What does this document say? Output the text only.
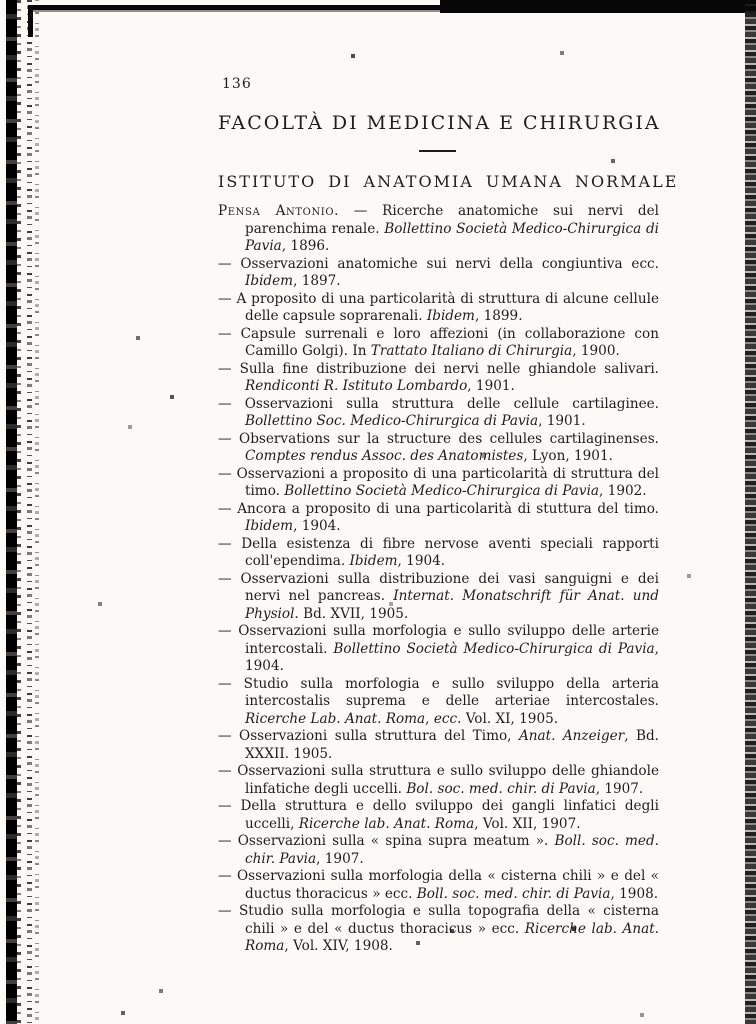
136
FACOLTÀ DI MEDICINA E CHIRURGIA
ISTITUTO DI ANATOMIA UMANA NORMALE
Pensa Antonio. — Ricerche anatomiche sui nervi del parenchima renale. Bollettino Società Medico-Chirurgica di Pavia, 1896.
— Osservazioni anatomiche sui nervi della congiuntiva ecc. Ibidem, 1897.
— A proposito di una particolarità di struttura di alcune cellule delle capsule soprarenali. Ibidem, 1899.
— Capsule surrenali e loro affezioni (in collaborazione con Camillo Golgi). In Trattato Italiano di Chirurgia, 1900.
— Sulla fine distribuzione dei nervi nelle ghiandole salivari. Rendiconti R. Istituto Lombardo, 1901.
— Osservazioni sulla struttura delle cellule cartilaginee. Bollettino Soc. Medico-Chirurgica di Pavia, 1901.
— Observations sur la structure des cellules cartilaginenses. Comptes rendus Assoc. des Anatomistes, Lyon, 1901.
— Osservazioni a proposito di una particolarità di struttura del timo. Bollettino Società Medico-Chirurgica di Pavia, 1902.
— Ancora a proposito di una particolarità di stuttura del timo. Ibidem, 1904.
— Della esistenza di fibre nervose aventi speciali rapporti coll'ependima. Ibidem, 1904.
— Osservazioni sulla distribuzione dei vasi sanguigni e dei nervi nel pancreas. Internat. Monatschrift für Anat. und Physiol. Bd. XVII, 1905.
— Osservazioni sulla morfologia e sullo sviluppo delle arterie intercostali. Bollettino Società Medico-Chirurgica di Pavia, 1904.
— Studio sulla morfologia e sullo sviluppo della arteria intercostalis suprema e delle arteriae intercostales. Ricerche Lab. Anat. Roma, ecc. Vol. XI, 1905.
— Osservazioni sulla struttura del Timo, Anat. Anzeiger, Bd. XXXII. 1905.
— Osservazioni sulla struttura e sullo sviluppo delle ghiandole linfatiche degli uccelli. Bol. soc. med. chir. di Pavia, 1907.
— Della struttura e dello sviluppo dei gangli linfatici degli uccelli, Ricerche lab. Anat. Roma, Vol. XII, 1907.
— Osservazioni sulla « spina supra meatum ». Boll. soc. med. chir. Pavia, 1907.
— Osservazioni sulla morfologia della « cisterna chili » e del « ductus thoracicus » ecc. Boll. soc. med. chir. di Pavia, 1908.
— Studio sulla morfologia e sulla topografia della « cisterna chili » e del « ductus thoracicus » ecc. Ricerche lab. Anat. Roma, Vol. XIV, 1908.
